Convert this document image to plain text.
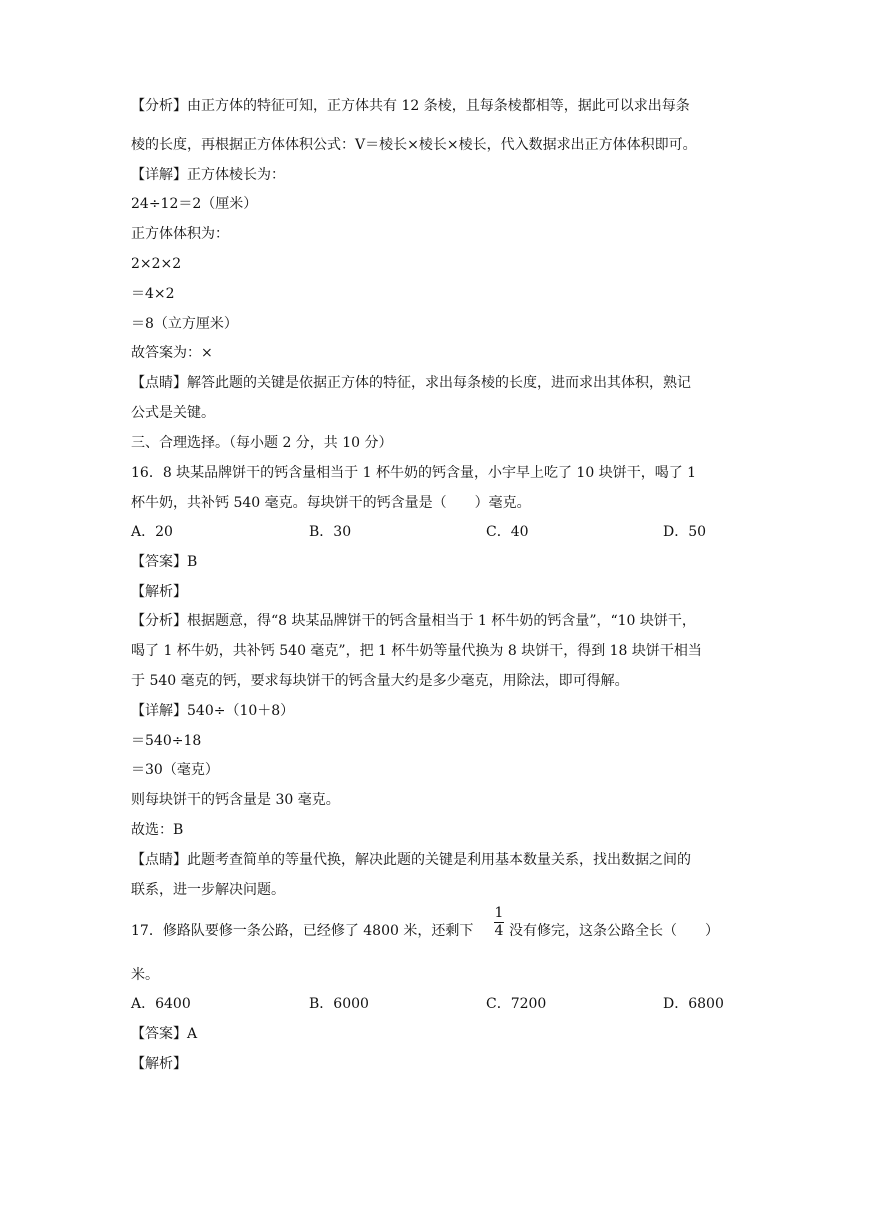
【分析】由正方体的特征可知，正方体共有 12 条棱，且每条棱都相等，据此可以求出每条
棱的长度，再根据正方体体积公式：V＝棱长×棱长×棱长，代入数据求出正方体体积即可。
【详解】正方体棱长为：
24÷12＝2（厘米）
正方体体积为：
2×2×2
＝4×2
＝8（立方厘米）
故答案为：×
【点睛】解答此题的关键是依据正方体的特征，求出每条棱的长度，进而求出其体积，熟记
公式是关键。
三、合理选择。（每小题 2 分，共 10 分）
16．8 块某品牌饼干的钙含量相当于 1 杯牛奶的钙含量，小宇早上吃了 10 块饼干，喝了 1
杯牛奶，共补钙 540 毫克。每块饼干的钙含量是（　　）毫克。
A．20	B．30	C．40	D．50
【答案】B
【解析】
【分析】根据题意，得“8 块某品牌饼干的钙含量相当于 1 杯牛奶的钙含量”，“10 块饼干，
喝了 1 杯牛奶，共补钙 540 毫克”，把 1 杯牛奶等量代换为 8 块饼干，得到 18 块饼干相当
于 540 毫克的钙，要求每块饼干的钙含量大约是多少毫克，用除法，即可得解。
【详解】540÷（10＋8）
＝540÷18
＝30（毫克）
则每块饼干的钙含量是 30 毫克。
故选：B
【点睛】此题考查简单的等量代换，解决此题的关键是利用基本数量关系，找出数据之间的
联系，进一步解决问题。
17．修路队要修一条公路，已经修了 4800 米，还剩下
1
4 没有修完，这条公路全长（　　）
米。
A．6400	B．6000	C．7200	D．6800
【答案】A
【解析】
